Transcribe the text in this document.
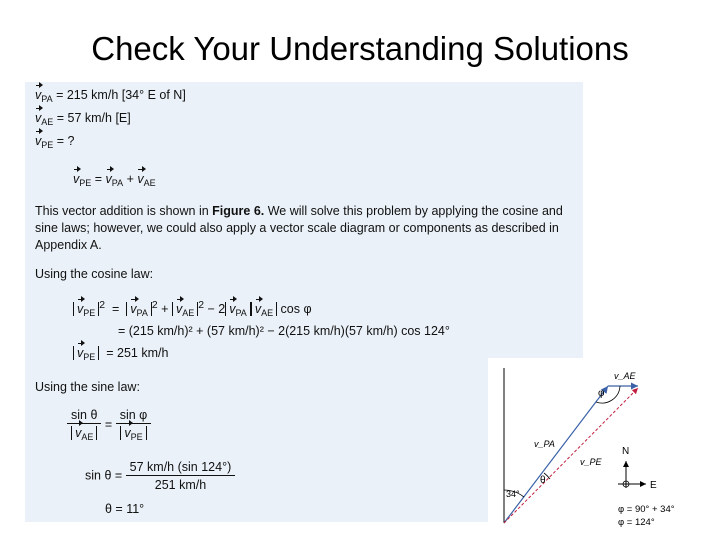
Check Your Understanding Solutions
$v_{PA} = 215$ km/h [34° E of N]
$v_{AE} = 57$ km/h [E]
$v_{PE}$ = ?
$v_{PE} = v_{PA} + v_{AE}$
This vector addition is shown in Figure 6. We will solve this problem by applying the cosine and sine laws; however, we could also apply a vector scale diagram or components as described in Appendix A.
Using the cosine law:
$v_{PE}^2 = v_{PA}^2 + v_{AE}^2 - 2$ $v_{PA}$ $v_{AE}$ cos φ
= (215 km/h)² + (57 km/h)² − 2(215 km/h)(57 km/h) cos 124°
$v_{PE} = 251$ km/h
Using the sine law:
$\frac{\text{sin θ}}{v_{AE}} = \frac{\text{sin φ}}{v_{PE}}$
$\sin \theta = \frac{57 km/h (\sin 124^\circ)}{251 km/h}$
θ = 11°
v_AE
v_PA
v_PE
φ
θ
34°
N
E
φ = 90° + 34°
φ = 124°
